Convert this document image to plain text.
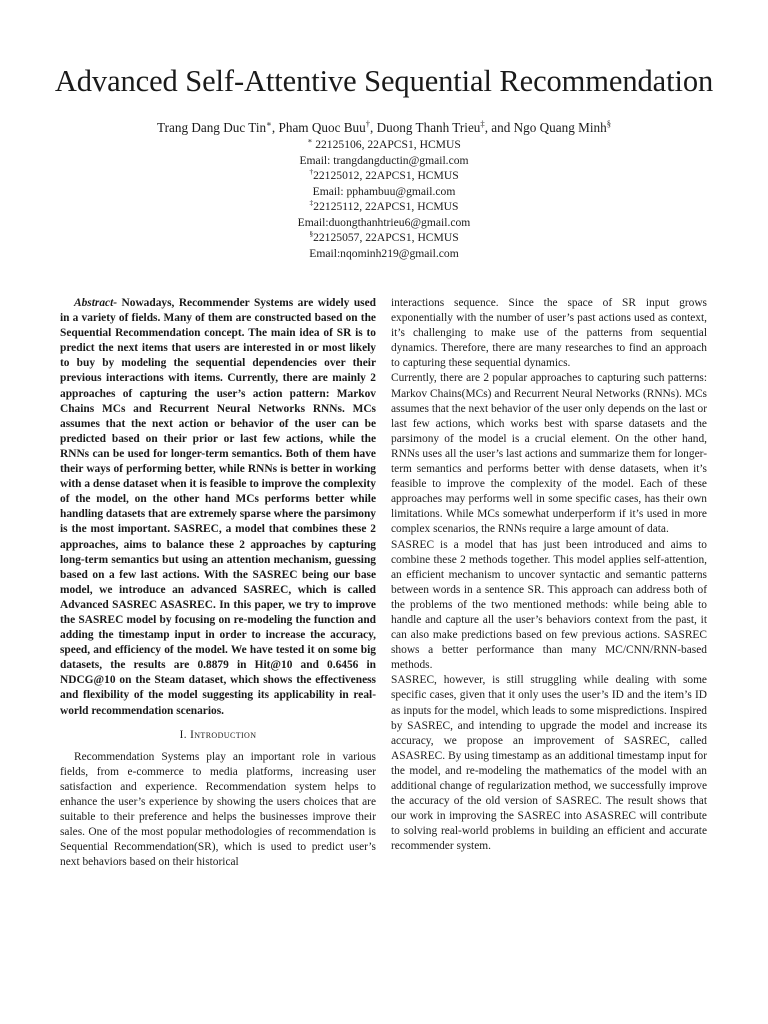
Advanced Self-Attentive Sequential Recommendation
Trang Dang Duc Tin∗, Pham Quoc Buu†, Duong Thanh Trieu‡, and Ngo Quang Minh§
∗ 22125106, 22APCS1, HCMUS
Email: trangdangductin@gmail.com
†22125012, 22APCS1, HCMUS
Email: pphambuu@gmail.com
‡22125112, 22APCS1, HCMUS
Email:duongthanhtrieu6@gmail.com
§22125057, 22APCS1, HCMUS
Email:nqominh219@gmail.com

Abstract- Nowadays, Recommender Systems are widely used in a variety of fields. Many of them are constructed based on the Sequential Recommendation concept. The main idea of SR is to predict the next items that users are interested in or most likely to buy by modeling the sequential dependencies over their previous interactions with items. Currently, there are mainly 2 approaches of capturing the user’s action pattern: Markov Chains MCs and Recurrent Neural Networks RNNs. MCs assumes that the next action or behavior of the user can be predicted based on their prior or last few actions, while the RNNs can be used for longer-term semantics. Both of them have their ways of performing better, while RNNs is better in working with a dense dataset when it is feasible to improve the complexity of the model, on the other hand MCs performs better while handling datasets that are extremely sparse where the parsimony is the most important. SASREC, a model that combines these 2 approaches, aims to balance these 2 approaches by capturing long-term semantics but using an attention mechanism, guessing based on a few last actions. With the SASREC being our base model, we introduce an advanced SASREC, which is called Advanced SASREC ASASREC. In this paper, we try to improve the SASREC model by focusing on re-modeling the function and adding the timestamp input in order to increase the accuracy, speed, and efficiency of the model. We have tested it on some big datasets, the results are 0.8879 in Hit@10 and 0.6456 in NDCG@10 on the Steam dataset, which shows the effectiveness and flexibility of the model suggesting its applicability in real-world recommendation scenarios.

I. Introduction

Recommendation Systems play an important role in various fields, from e-commerce to media platforms, increasing user satisfaction and experience. Recommendation system helps to enhance the user’s experience by showing the users choices that are suitable to their preference and helps the businesses improve their sales. One of the most popular methodologies of recommendation is Sequential Recommendation(SR), which is used to predict user’s next behaviors based on their historical

interactions sequence. Since the space of SR input grows exponentially with the number of user’s past actions used as context, it’s challenging to make use of the patterns from sequential dynamics. Therefore, there are many researches to find an approach to capturing these sequential dynamics.

Currently, there are 2 popular approaches to capturing such patterns: Markov Chains(MCs) and Recurrent Neural Networks (RNNs). MCs assumes that the next behavior of the user only depends on the last or last few actions, which works best with sparse datasets and the parsimony of the model is a crucial element. On the other hand, RNNs uses all the user’s last actions and summarize them for longer-term semantics and performs better with dense datasets, when it’s feasible to improve the complexity of the model. Each of these approaches may performs well in some specific cases, has their own limitations. While MCs somewhat underperform if it’s used in more complex scenarios, the RNNs require a large amount of data.

SASREC is a model that has just been introduced and aims to combine these 2 methods together. This model applies self-attention, an efficient mechanism to uncover syntactic and semantic patterns between words in a sentence SR. This approach can address both of the problems of the two mentioned methods: while being able to handle and capture all the user’s behaviors context from the past, it can also make predictions based on few previous actions. SASREC shows a better performance than many MC/CNN/RNN-based methods.

SASREC, however, is still struggling while dealing with some specific cases, given that it only uses the user’s ID and the item’s ID as inputs for the model, which leads to some mispredictions. Inspired by SASREC, and intending to upgrade the model and increase its accuracy, we propose an improvement of SASREC, called ASASREC. By using timestamp as an additional timestamp input for the model, and re-modeling the mathematics of the model with an additional change of regularization method, we successfully improve the accuracy of the old version of SASREC. The result shows that our work in improving the SASREC into ASASREC will contribute to solving real-world problems in building an efficient and accurate recommender system.
